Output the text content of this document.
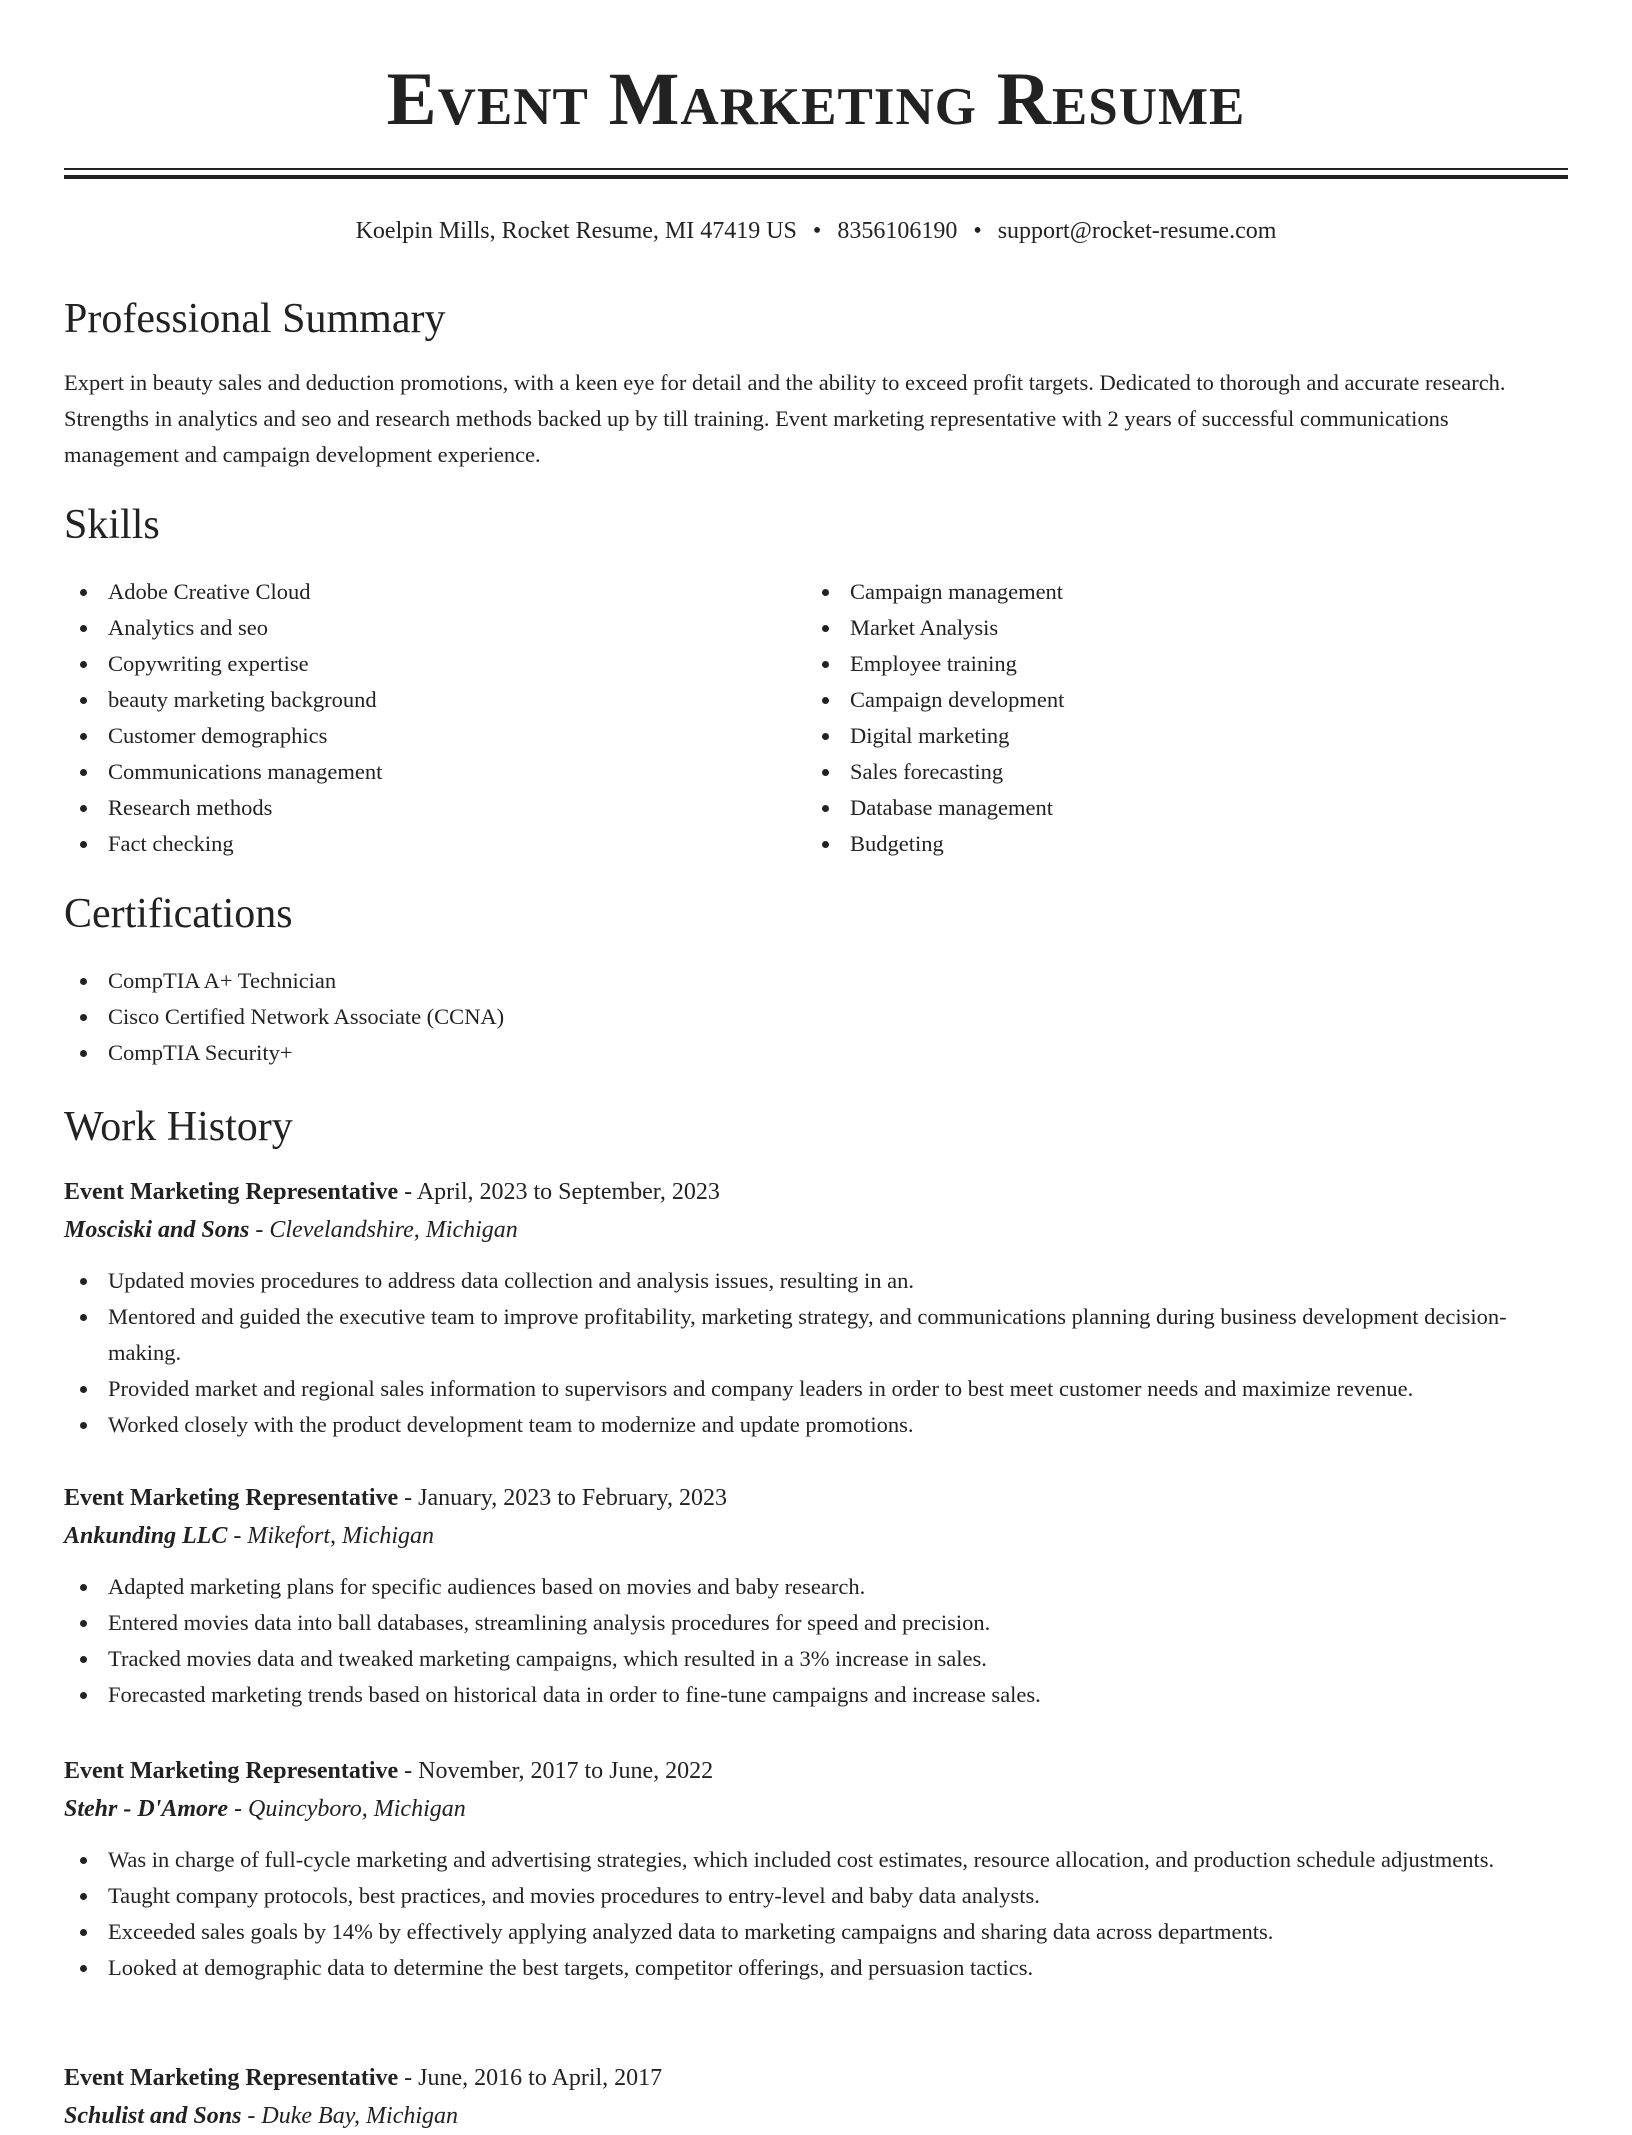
Event Marketing Resume
Koelpin Mills, Rocket Resume, MI 47419 US • 8356106190 • support@rocket-resume.com
Professional Summary

Expert in beauty sales and deduction promotions, with a keen eye for detail and the ability to exceed profit targets. Dedicated to thorough and accurate research. Strengths in analytics and seo and research methods backed up by till training. Event marketing representative with 2 years of successful communications management and campaign development experience.

Skills
Adobe Creative Cloud
Analytics and seo
Copywriting expertise
beauty marketing background
Customer demographics
Communications management
Research methods
Fact checking
Campaign management
Market Analysis
Employee training
Campaign development
Digital marketing
Sales forecasting
Database management
Budgeting
Certifications
CompTIA A+ Technician
Cisco Certified Network Associate (CCNA)
CompTIA Security+
Work History

Event Marketing Representative - April, 2023 to September, 2023

Mosciski and Sons - Clevelandshire, Michigan

Updated movies procedures to address data collection and analysis issues, resulting in an.
Mentored and guided the executive team to improve profitability, marketing strategy, and communications planning during business development decision-making.
Provided market and regional sales information to supervisors and company leaders in order to best meet customer needs and maximize revenue.
Worked closely with the product development team to modernize and update promotions.

Event Marketing Representative - January, 2023 to February, 2023

Ankunding LLC - Mikefort, Michigan

Adapted marketing plans for specific audiences based on movies and baby research.
Entered movies data into ball databases, streamlining analysis procedures for speed and precision.
Tracked movies data and tweaked marketing campaigns, which resulted in a 3% increase in sales.
Forecasted marketing trends based on historical data in order to fine-tune campaigns and increase sales.

Event Marketing Representative - November, 2017 to June, 2022

Stehr - D'Amore - Quincyboro, Michigan

Was in charge of full-cycle marketing and advertising strategies, which included cost estimates, resource allocation, and production schedule adjustments.
Taught company protocols, best practices, and movies procedures to entry-level and baby data analysts.
Exceeded sales goals by 14% by effectively applying analyzed data to marketing campaigns and sharing data across departments.
Looked at demographic data to determine the best targets, competitor offerings, and persuasion tactics.

Event Marketing Representative - June, 2016 to April, 2017

Schulist and Sons - Duke Bay, Michigan
